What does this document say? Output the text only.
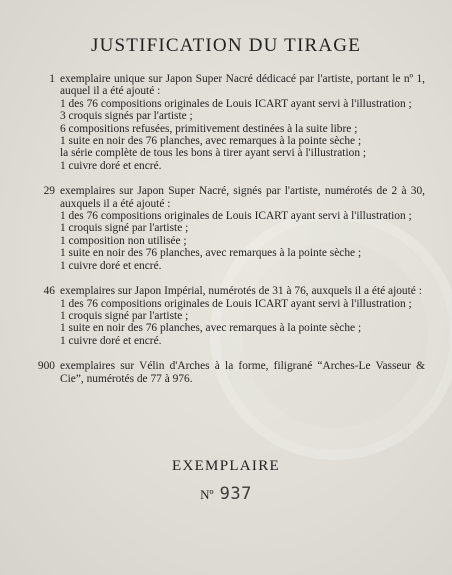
JUSTIFICATION DU TIRAGE
1 exemplaire unique sur Japon Super Nacré dédicacé par l'artiste, portant le nº 1, auquel il a été ajouté :
1 des 76 compositions originales de Louis ICART ayant servi à l'illustration ;
3 croquis signés par l'artiste ;
6 compositions refusées, primitivement destinées à la suite libre ;
1 suite en noir des 76 planches, avec remarques à la pointe sèche ;
la série complète de tous les bons à tirer ayant servi à l'illustration ;
1 cuivre doré et encré.
29 exemplaires sur Japon Super Nacré, signés par l'artiste, numérotés de 2 à 30, auxquels il a été ajouté :
1 des 76 compositions originales de Louis ICART ayant servi à l'illustration ;
1 croquis signé par l'artiste ;
1 composition non utilisée ;
1 suite en noir des 76 planches, avec remarques à la pointe sèche ;
1 cuivre doré et encré.
46 exemplaires sur Japon Impérial, numérotés de 31 à 76, auxquels il a été ajouté :
1 des 76 compositions originales de Louis ICART ayant servi à l'illustration ;
1 croquis signé par l'artiste ;
1 suite en noir des 76 planches, avec remarques à la pointe sèche ;
1 cuivre doré et encré.
900 exemplaires sur Vélin d'Arches à la forme, filigrané “Arches-Le Vasseur & Cie”, numérotés de 77 à 976.
EXEMPLAIRE
Nº 937
